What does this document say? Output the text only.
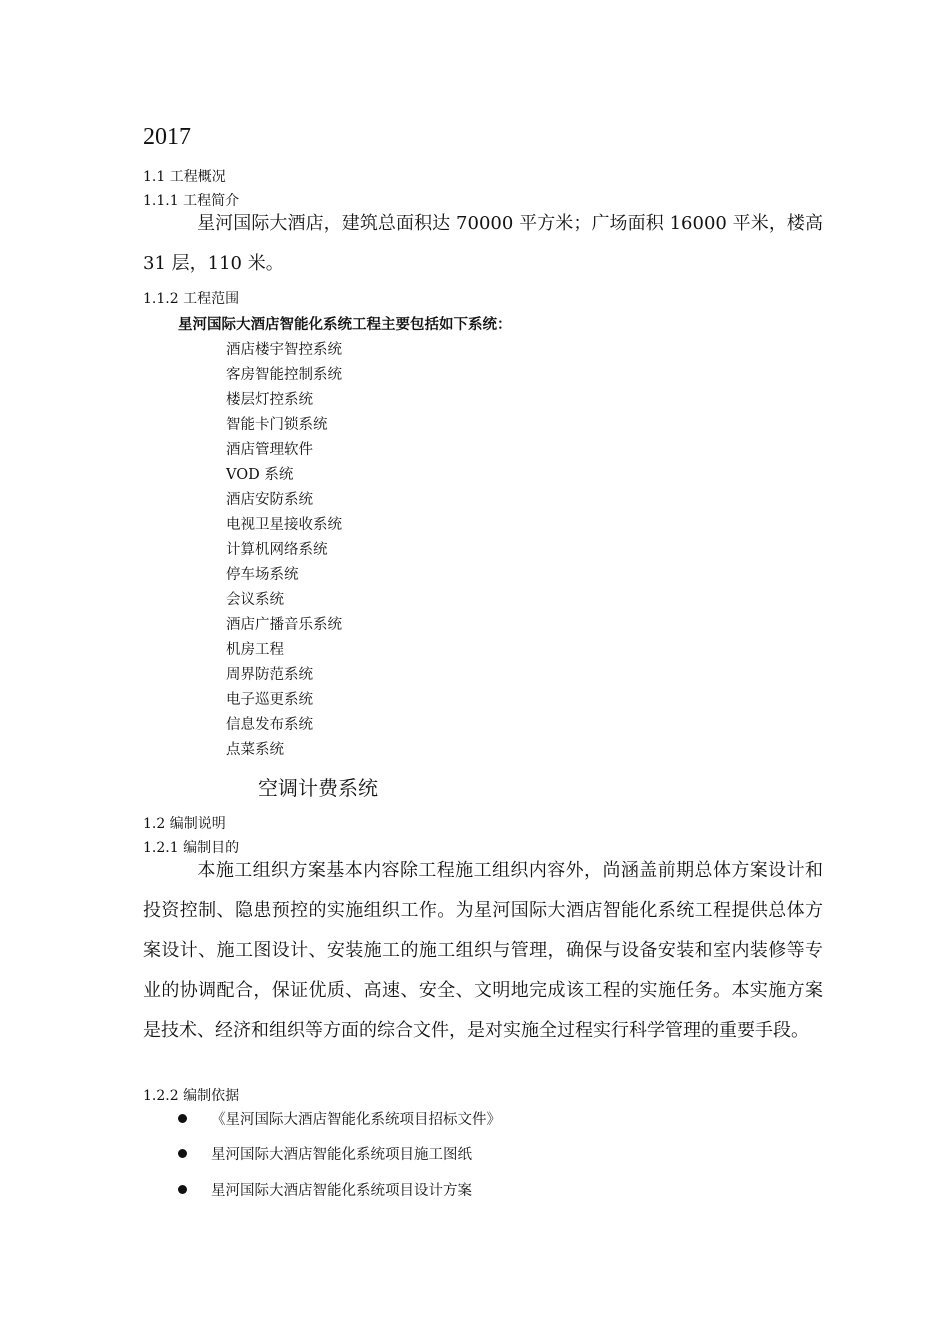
2017
1.1 工程概况
1.1.1 工程简介
星河国际大酒店，建筑总面积达 70000 平方米；广场面积 16000 平米，楼高 31 层，110 米。
1.1.2 工程范围
星河国际大酒店智能化系统工程主要包括如下系统：
酒店楼宇智控系统
客房智能控制系统
楼层灯控系统
智能卡门锁系统
酒店管理软件
VOD 系统
酒店安防系统
电视卫星接收系统
计算机网络系统
停车场系统
会议系统
酒店广播音乐系统
机房工程
周界防范系统
电子巡更系统
信息发布系统
点菜系统
空调计费系统
1.2 编制说明
1.2.1 编制目的
本施工组织方案基本内容除工程施工组织内容外，尚涵盖前期总体方案设计和投资控制、隐患预控的实施组织工作。为星河国际大酒店智能化系统工程提供总体方案设计、施工图设计、安装施工的施工组织与管理，确保与设备安装和室内装修等专业的协调配合，保证优质、高速、安全、文明地完成该工程的实施任务。本实施方案是技术、经济和组织等方面的综合文件，是对实施全过程实行科学管理的重要手段。
1.2.2 编制依据
《星河国际大酒店智能化系统项目招标文件》
星河国际大酒店智能化系统项目施工图纸
星河国际大酒店智能化系统项目设计方案
